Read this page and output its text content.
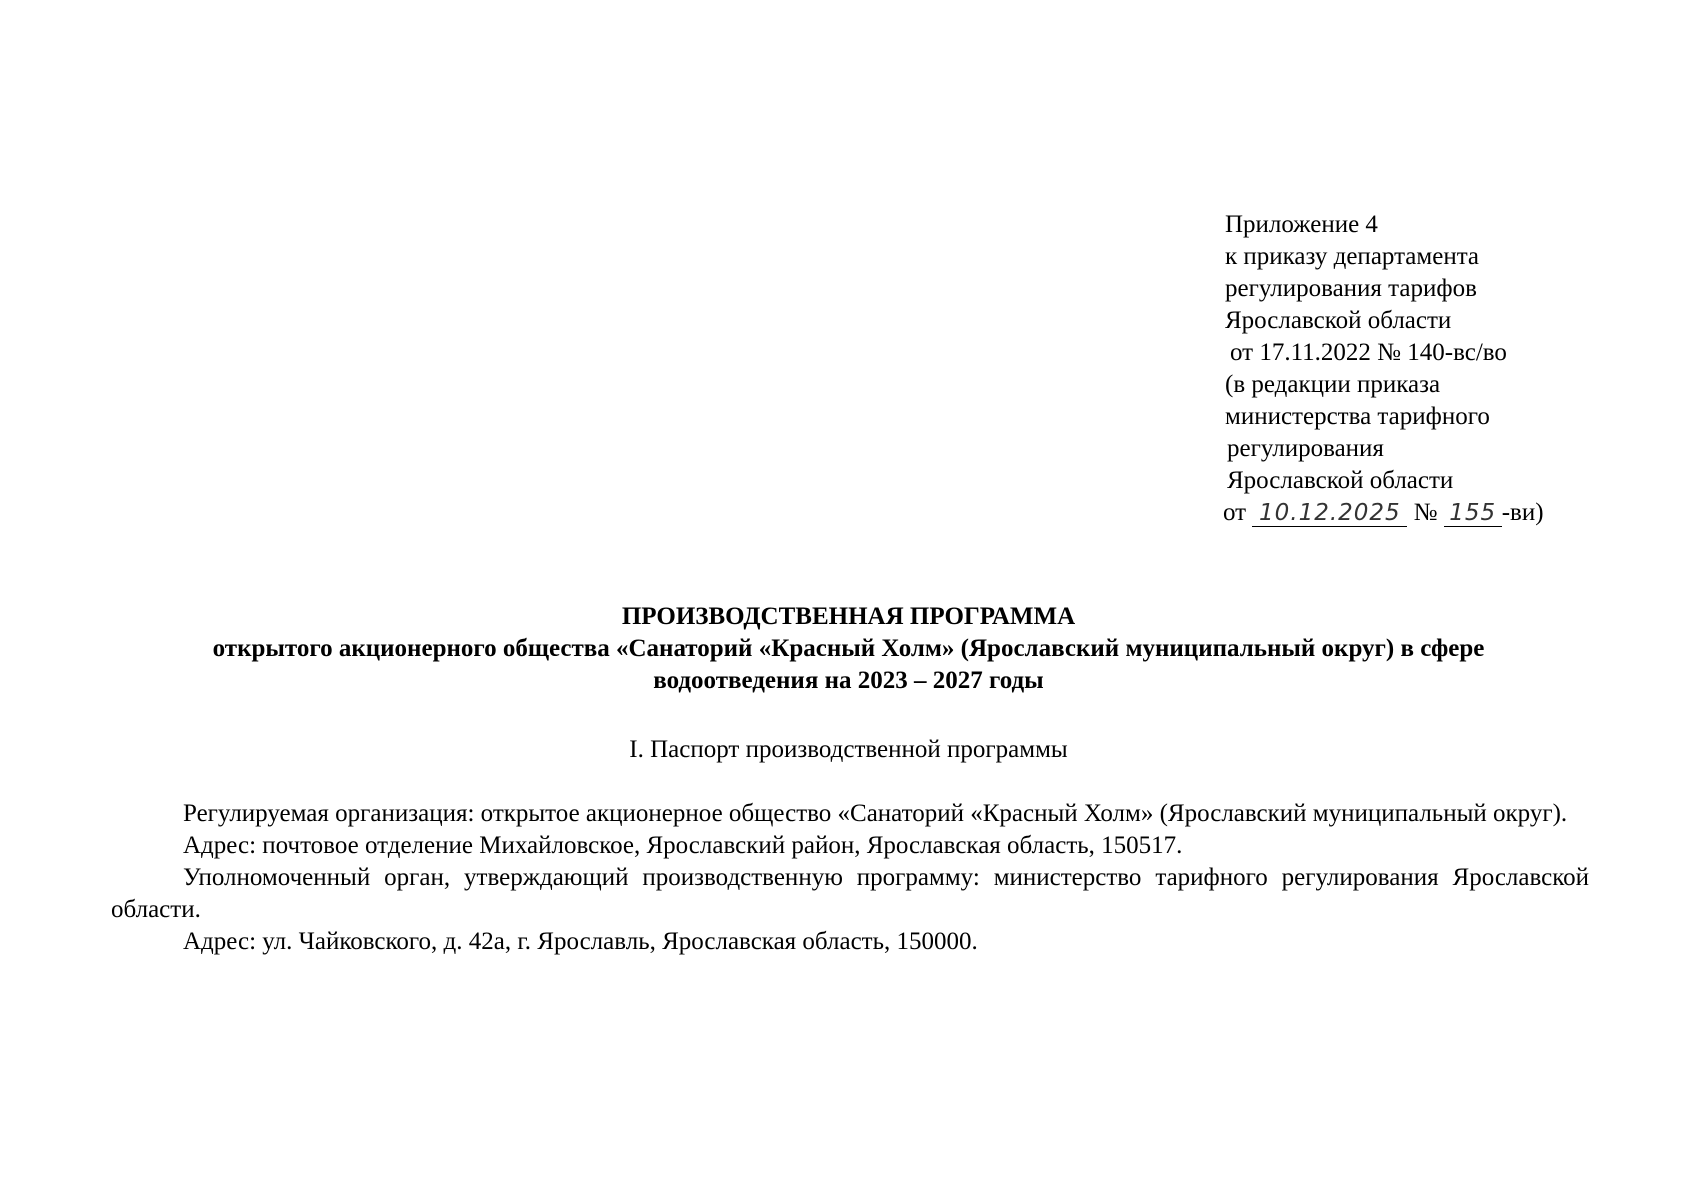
Приложение 4
к приказу департамента
регулирования тарифов
Ярославской области
от 17.11.2022 № 140-вс/во
(в редакции приказа
министерства тарифного
регулирования
Ярославской области
от 10.12.2025 № 155 -ви)
ПРОИЗВОДСТВЕННАЯ ПРОГРАММА
открытого акционерного общества «Санаторий «Красный Холм» (Ярославский муниципальный округ) в сфере
водоотведения на 2023 – 2027 годы
I. Паспорт производственной программы

Регулируемая организация: открытое акционерное общество «Санаторий «Красный Холм» (Ярославский муниципальный округ).

Адрес: почтовое отделение Михайловское, Ярославский район, Ярославская область, 150517.

Уполномоченный орган, утверждающий производственную программу: министерство тарифного регулирования Ярославской области.

Адрес: ул. Чайковского, д. 42а, г. Ярославль, Ярославская область, 150000.
